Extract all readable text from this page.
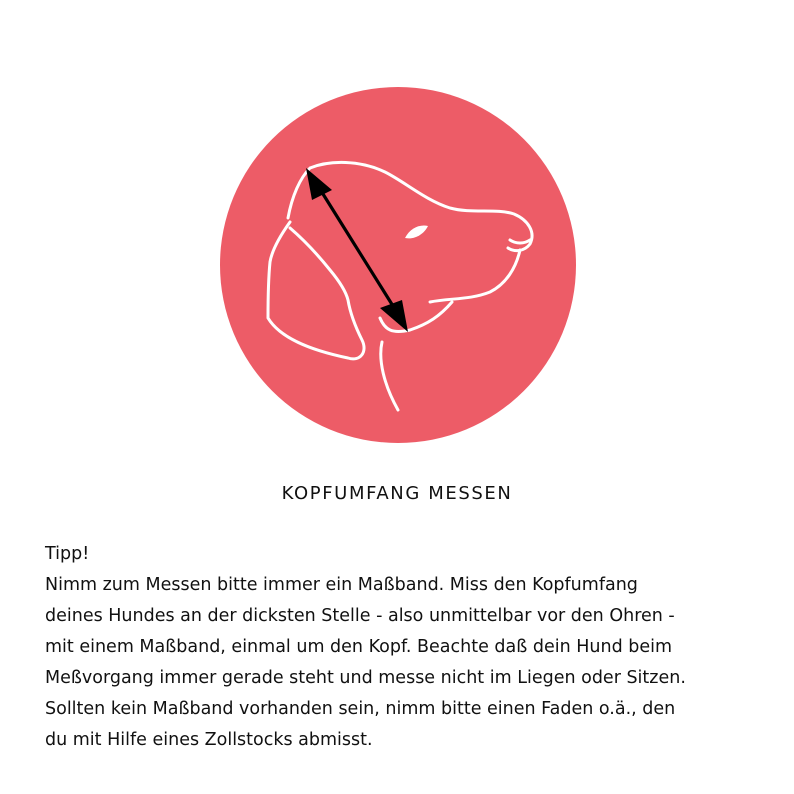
KOPFUMFANG MESSEN
Tipp!
Nimm zum Messen bitte immer ein Maßband. Miss den Kopfumfang
deines Hundes an der dicksten Stelle - also unmittelbar vor den Ohren -
mit einem Maßband, einmal um den Kopf. Beachte daß dein Hund beim
Meßvorgang immer gerade steht und messe nicht im Liegen oder Sitzen.
Sollten kein Maßband vorhanden sein, nimm bitte einen Faden o.ä., den
du mit Hilfe eines Zollstocks abmisst.
